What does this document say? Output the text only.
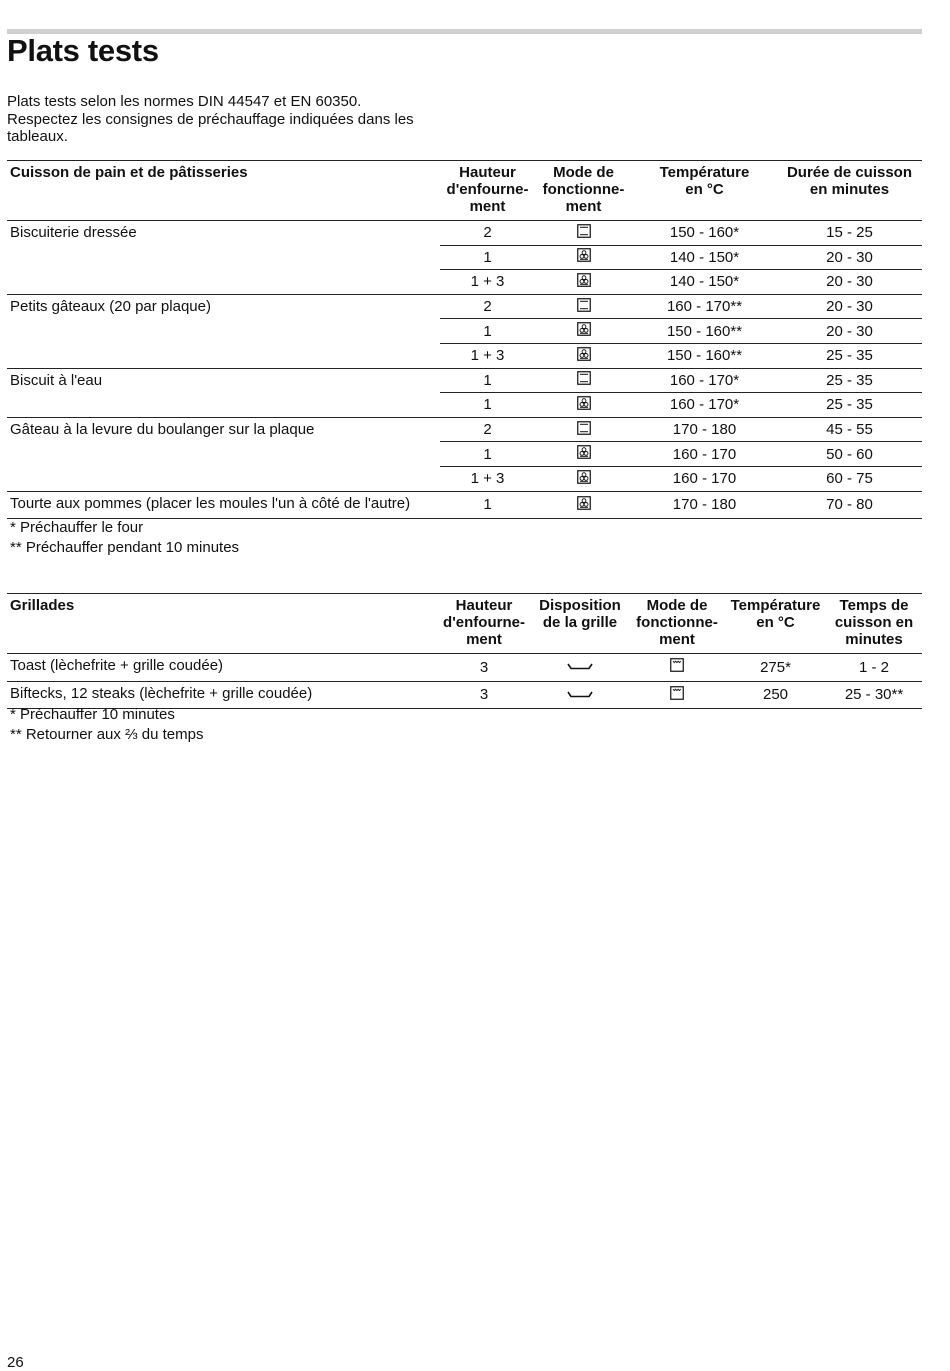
Plats tests
Plats tests selon les normes DIN 44547 et EN 60350.
Respectez les consignes de préchauffage indiquées dans les
tableaux.
Cuisson de pain et de pâtisseries	Hauteur
d'enfourne-
ment	Mode de
fonctionne-
ment	Température
en °C	Durée de cuisson
en minutes
Biscuiterie dressée	2		150 - 160*	15 - 25
	1		140 - 150*	20 - 30
	1 + 3		140 - 150*	20 - 30
Petits gâteaux (20 par plaque)	2		160 - 170**	20 - 30
	1		150 - 160**	20 - 30
	1 + 3		150 - 160**	25 - 35
Biscuit à l'eau	1		160 - 170*	25 - 35
	1		160 - 170*	25 - 35
Gâteau à la levure du boulanger sur la plaque	2		170 - 180	45 - 55
	1		160 - 170	50 - 60
	1 + 3		160 - 170	60 - 75
Tourte aux pommes (placer les moules l'un à côté de l'autre)	1		170 - 180	70 - 80
* Préchauffer le four
** Préchauffer pendant 10 minutes
Grillades	Hauteur
d'enfourne-
ment	Disposition
de la grille	Mode de
fonctionne-
ment	Température
en °C	Temps de
cuisson en
minutes
Toast (lèchefrite + grille coudée)	3			275*	1 - 2
Biftecks, 12 steaks (lèchefrite + grille coudée)	3			250	25 - 30**
* Préchauffer 10 minutes
** Retourner aux ⅔ du temps
26
